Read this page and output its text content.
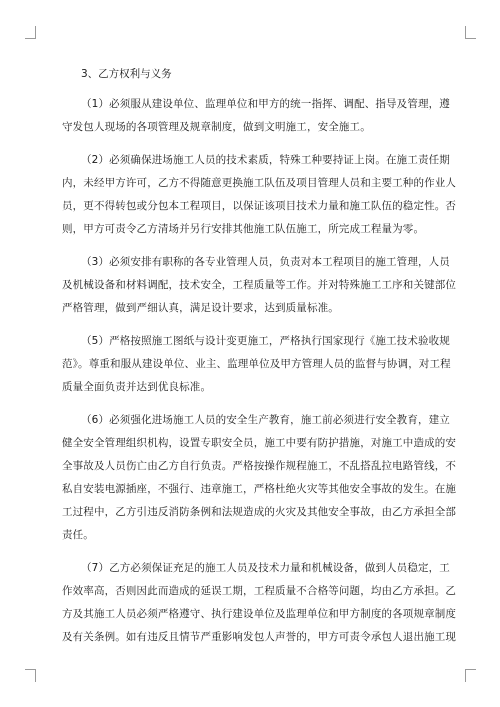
3、乙方权利与义务
（1）必须服从建设单位、监理单位和甲方的统一指挥、调配、指导及管理，遵
守发包人现场的各项管理及规章制度，做到文明施工，安全施工。
（2）必须确保进场施工人员的技术素质，特殊工种要持证上岗。在施工责任期
内，未经甲方许可，乙方不得随意更换施工队伍及项目管理人员和主要工种的作业人
员，更不得转包或分包本工程项目，以保证该项目技术力量和施工队伍的稳定性。否
则，甲方可责令乙方清场并另行安排其他施工队伍施工，所完成工程量为零。
（3）必须安排有职称的各专业管理人员，负责对本工程项目的施工管理，人员
及机械设备和材料调配，技术安全，工程质量等工作。并对特殊施工工序和关键部位
严格管理，做到严细认真，满足设计要求，达到质量标准。
（5）严格按照施工图纸与设计变更施工，严格执行国家现行《施工技术验收规
范》。尊重和服从建设单位、业主、监理单位及甲方管理人员的监督与协调，对工程
质量全面负责并达到优良标准。
（6）必须强化进场施工人员的安全生产教育，施工前必须进行安全教育，建立
健全安全管理组织机构，设置专职安全员，施工中要有防护措施，对施工中造成的安
全事故及人员伤亡由乙方自行负责。严格按操作规程施工，不乱搭乱拉电路管线，不
私自安装电源插座，不强行、违章施工，严格杜绝火灾等其他安全事故的发生。在施
工过程中，乙方引违反消防条例和法规造成的火灾及其他安全事故，由乙方承担全部
责任。
（7）乙方必须保证充足的施工人员及技术力量和机械设备，做到人员稳定，工
作效率高，否则因此而造成的延误工期，工程质量不合格等问题，均由乙方承担。乙
方及其施工人员必须严格遵守、执行建设单位及监理单位和甲方制度的各项规章制度
及有关条例。如有违反且情节严重影响发包人声誉的，甲方可责令承包人退出施工现
